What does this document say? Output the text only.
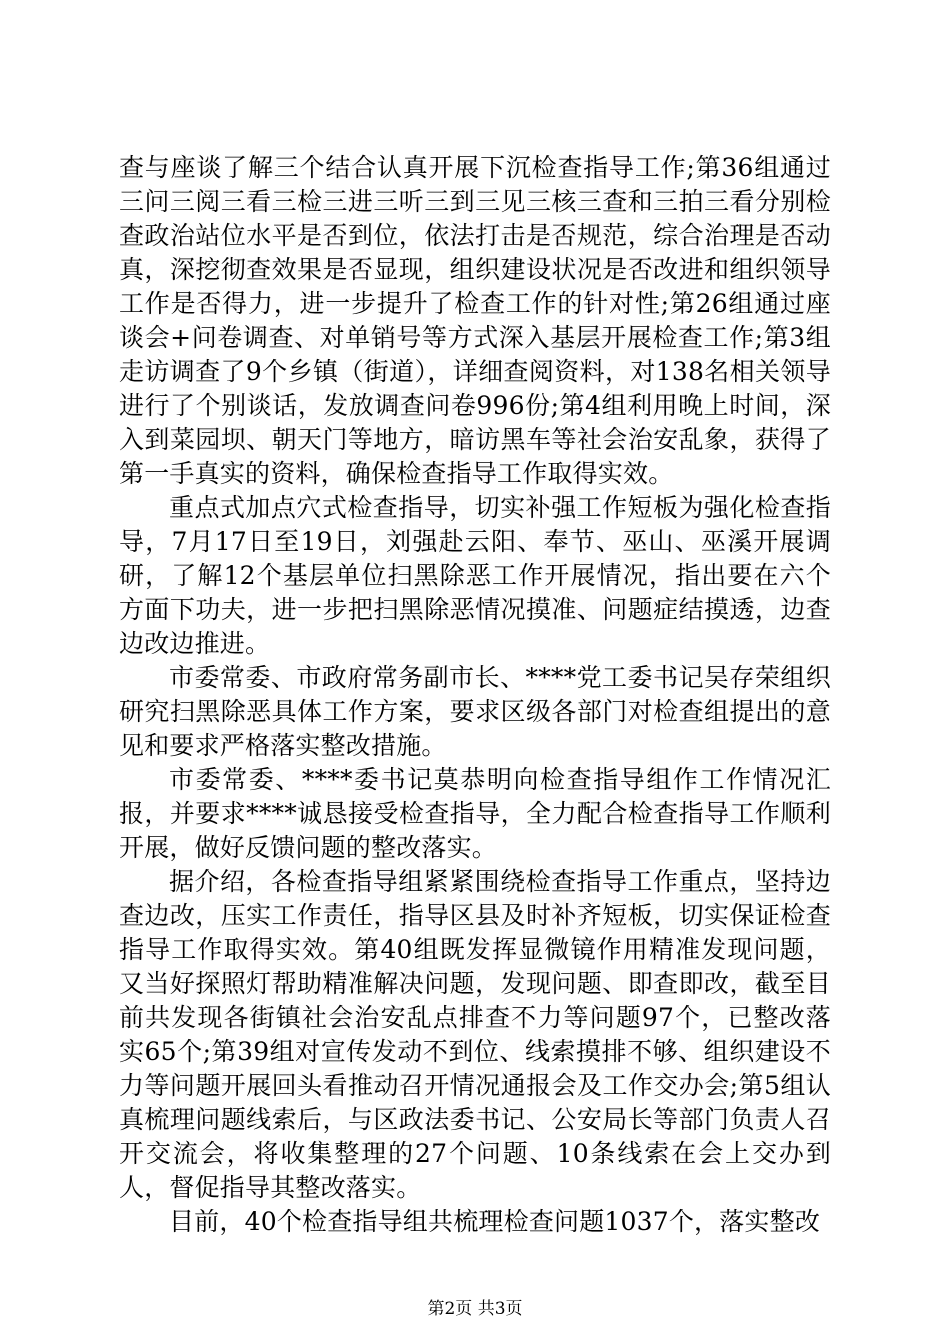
查与座谈了解三个结合认真开展下沉检查指导工作;第36组通过三问三阅三看三检三进三听三到三见三核三查和三拍三看分别检查政治站位水平是否到位，依法打击是否规范，综合治理是否动真，深挖彻查效果是否显现，组织建设状况是否改进和组织领导工作是否得力，进一步提升了检查工作的针对性;第26组通过座谈会+问卷调查、对单销号等方式深入基层开展检查工作;第3组走访调查了9个乡镇（街道），详细查阅资料，对138名相关领导进行了个别谈话，发放调查问卷996份;第4组利用晚上时间，深入到菜园坝、朝天门等地方，暗访黑车等社会治安乱象，获得了第一手真实的资料，确保检查指导工作取得实效。

重点式加点穴式检查指导，切实补强工作短板为强化检查指导，7月17日至19日，刘强赴云阳、奉节、巫山、巫溪开展调研，了解12个基层单位扫黑除恶工作开展情况，指出要在六个方面下功夫，进一步把扫黑除恶情况摸准、问题症结摸透，边查边改边推进。

市委常委、市政府常务副市长、****党工委书记吴存荣组织研究扫黑除恶具体工作方案，要求区级各部门对检查组提出的意见和要求严格落实整改措施。

市委常委、****委书记莫恭明向检查指导组作工作情况汇报，并要求****诚恳接受检查指导，全力配合检查指导工作顺利开展，做好反馈问题的整改落实。

据介绍，各检查指导组紧紧围绕检查指导工作重点，坚持边查边改，压实工作责任，指导区县及时补齐短板，切实保证检查指导工作取得实效。第40组既发挥显微镜作用精准发现问题，又当好探照灯帮助精准解决问题，发现问题、即查即改，截至目前共发现各街镇社会治安乱点排查不力等问题97个，已整改落实65个;第39组对宣传发动不到位、线索摸排不够、组织建设不力等问题开展回头看推动召开情况通报会及工作交办会;第5组认真梳理问题线索后，与区政法委书记、公安局长等部门负责人召开交流会，将收集整理的27个问题、10条线索在会上交办到人，督促指导其整改落实。

目前，40个检查指导组共梳理检查问题1037个，落实整改

第2页 共3页
